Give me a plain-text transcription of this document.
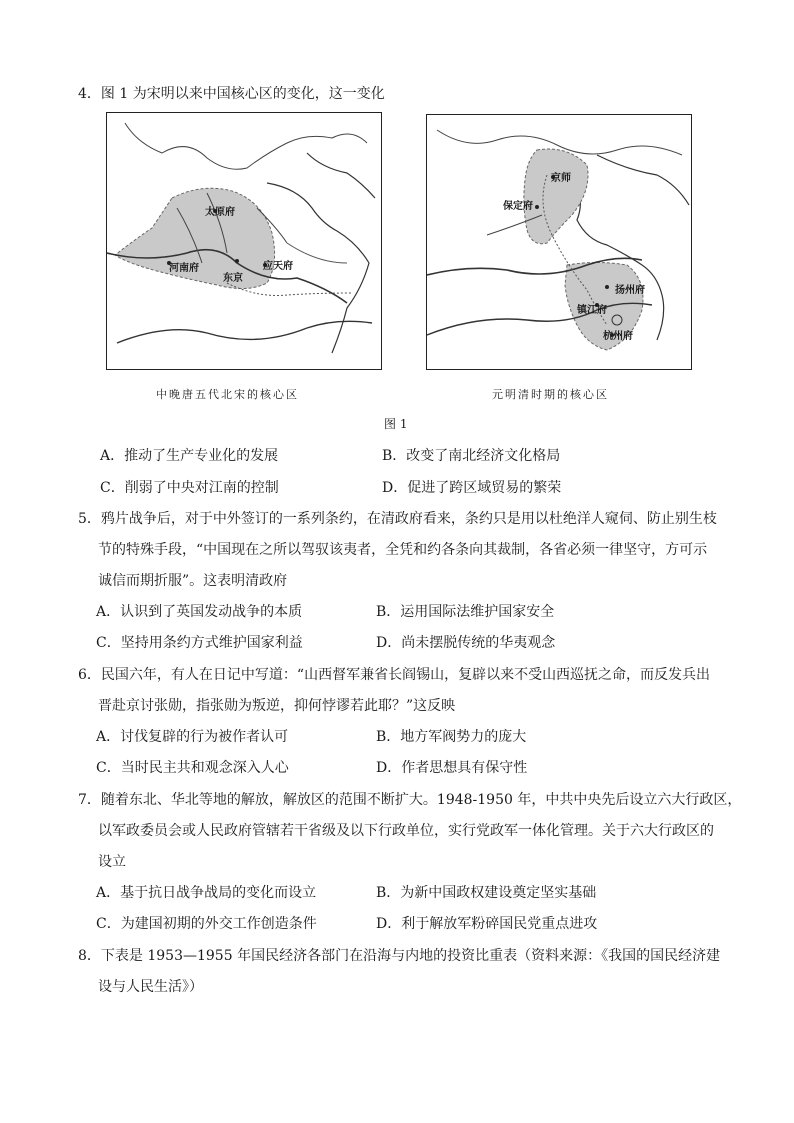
4．图 1 为宋明以来中国核心区的变化，这一变化
太原府
河南府
东京
应天府
京师
保定府
扬州府
镇江府
杭州府
中晚唐五代北宋的核心区	元明清时期的核心区
图 1
A．推动了生产专业化的发展	B．改变了南北经济文化格局
C．削弱了中央对江南的控制	D．促进了跨区域贸易的繁荣
5．鸦片战争后，对于中外签订的一系列条约，在清政府看来，条约只是用以杜绝洋人窥伺、防止别生枝
节的特殊手段，“中国现在之所以驾驭该夷者，全凭和约各条向其裁制，各省必须一律坚守，方可示
诚信而期折服”。这表明清政府
A．认识到了英国发动战争的本质	B．运用国际法维护国家安全
C．坚持用条约方式维护国家利益	D．尚未摆脱传统的华夷观念
6．民国六年，有人在日记中写道：“山西督军兼省长阎锡山，复辟以来不受山西巡抚之命，而反发兵出
晋赴京讨张勋，指张勋为叛逆，抑何悖谬若此耶？”这反映
A．讨伐复辟的行为被作者认可	B．地方军阀势力的庞大
C．当时民主共和观念深入人心	D．作者思想具有保守性
7．随着东北、华北等地的解放，解放区的范围不断扩大。1948-1950 年，中共中央先后设立六大行政区，
以军政委员会或人民政府管辖若干省级及以下行政单位，实行党政军一体化管理。关于六大行政区的
设立
A．基于抗日战争战局的变化而设立	B．为新中国政权建设奠定坚实基础
C．为建国初期的外交工作创造条件	D．利于解放军粉碎国民党重点进攻
8．下表是 1953—1955 年国民经济各部门在沿海与内地的投资比重表（资料来源：《我国的国民经济建
设与人民生活》）
